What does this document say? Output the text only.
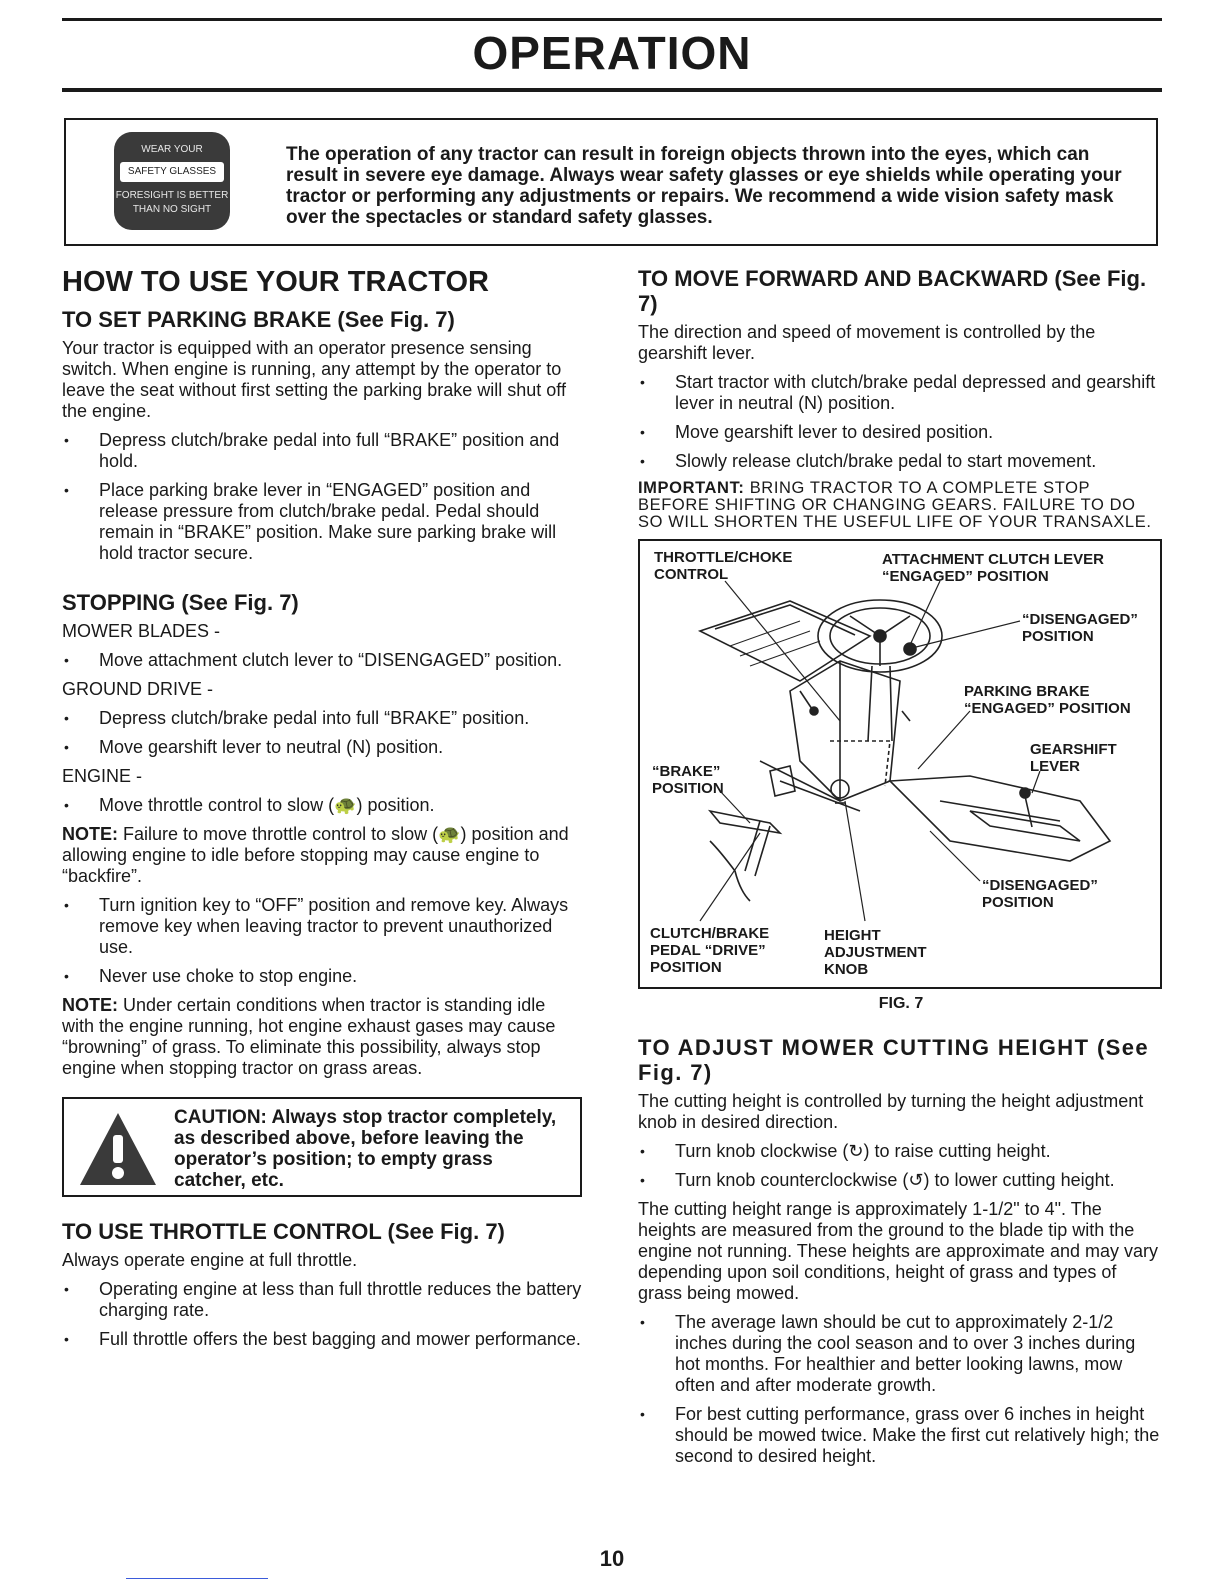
OPERATION
WEAR YOUR
SAFETY GLASSES
FORESIGHT IS BETTER
THAN NO SIGHT
The operation of any tractor can result in foreign objects thrown into the eyes, which can result in severe eye damage. Always wear safety glasses or eye shields while operating your tractor or performing any adjustments or repairs. We recommend a wide vision safety mask over the spectacles or standard safety glasses.
HOW TO USE YOUR TRACTOR
TO SET PARKING BRAKE (See Fig. 7)
Your tractor is equipped with an operator presence sensing switch. When engine is running, any attempt by the operator to leave the seat without first setting the parking brake will shut off the engine.
• Depress clutch/brake pedal into full “BRAKE” position and hold.
• Place parking brake lever in “ENGAGED” position and release pressure from clutch/brake pedal. Pedal should remain in “BRAKE” position. Make sure parking brake will hold tractor secure.
STOPPING (See Fig. 7)
MOWER BLADES -
• Move attachment clutch lever to “DISENGAGED” position.
GROUND DRIVE -
• Depress clutch/brake pedal into full “BRAKE” position.
• Move gearshift lever to neutral (N) position.
ENGINE -
• Move throttle control to slow (🐢) position.
NOTE: Failure to move throttle control to slow (🐢) position and allowing engine to idle before stopping may cause engine to “backfire”.
• Turn ignition key to “OFF” position and remove key. Always remove key when leaving tractor to prevent unauthorized use.
• Never use choke to stop engine.
NOTE: Under certain conditions when tractor is standing idle with the engine running, hot engine exhaust gases may cause “browning” of grass. To eliminate this possibility, always stop engine when stopping tractor on grass areas.
CAUTION: Always stop tractor completely, as described above, before leaving the operator’s position; to empty grass catcher, etc.
TO USE THROTTLE CONTROL (See Fig. 7)
Always operate engine at full throttle.
• Operating engine at less than full throttle reduces the battery charging rate.
• Full throttle offers the best bagging and mower performance.
TO MOVE FORWARD AND BACKWARD (See Fig. 7)
The direction and speed of movement is controlled by the gearshift lever.
• Start tractor with clutch/brake pedal depressed and gearshift lever in neutral (N) position.
• Move gearshift lever to desired position.
• Slowly release clutch/brake pedal to start movement.
IMPORTANT: BRING TRACTOR TO A COMPLETE STOP BEFORE SHIFTING OR CHANGING GEARS. FAILURE TO DO SO WILL SHORTEN THE USEFUL LIFE OF YOUR TRANSAXLE.
THROTTLE/CHOKE
CONTROL
ATTACHMENT CLUTCH LEVER
“ENGAGED” POSITION
“DISENGAGED”
POSITION
PARKING BRAKE
“ENGAGED” POSITION
GEARSHIFT
LEVER
“BRAKE”
POSITION
“DISENGAGED”
POSITION
CLUTCH/BRAKE
PEDAL “DRIVE”
POSITION
HEIGHT
ADJUSTMENT
KNOB
FIG. 7
TO ADJUST MOWER CUTTING HEIGHT (See Fig. 7)
The cutting height is controlled by turning the height adjustment knob in desired direction.
• Turn knob clockwise (↻) to raise cutting height.
• Turn knob counterclockwise (↺) to lower cutting height.
The cutting height range is approximately 1-1/2" to 4". The heights are measured from the ground to the blade tip with the engine not running. These heights are approximate and may vary depending upon soil conditions, height of grass and types of grass being mowed.
• The average lawn should be cut to approximately 2-1/2 inches during the cool season and to over 3 inches during hot months. For healthier and better looking lawns, mow often and after moderate growth.
• For best cutting performance, grass over 6 inches in height should be mowed twice. Make the first cut relatively high; the second to desired height.
10
